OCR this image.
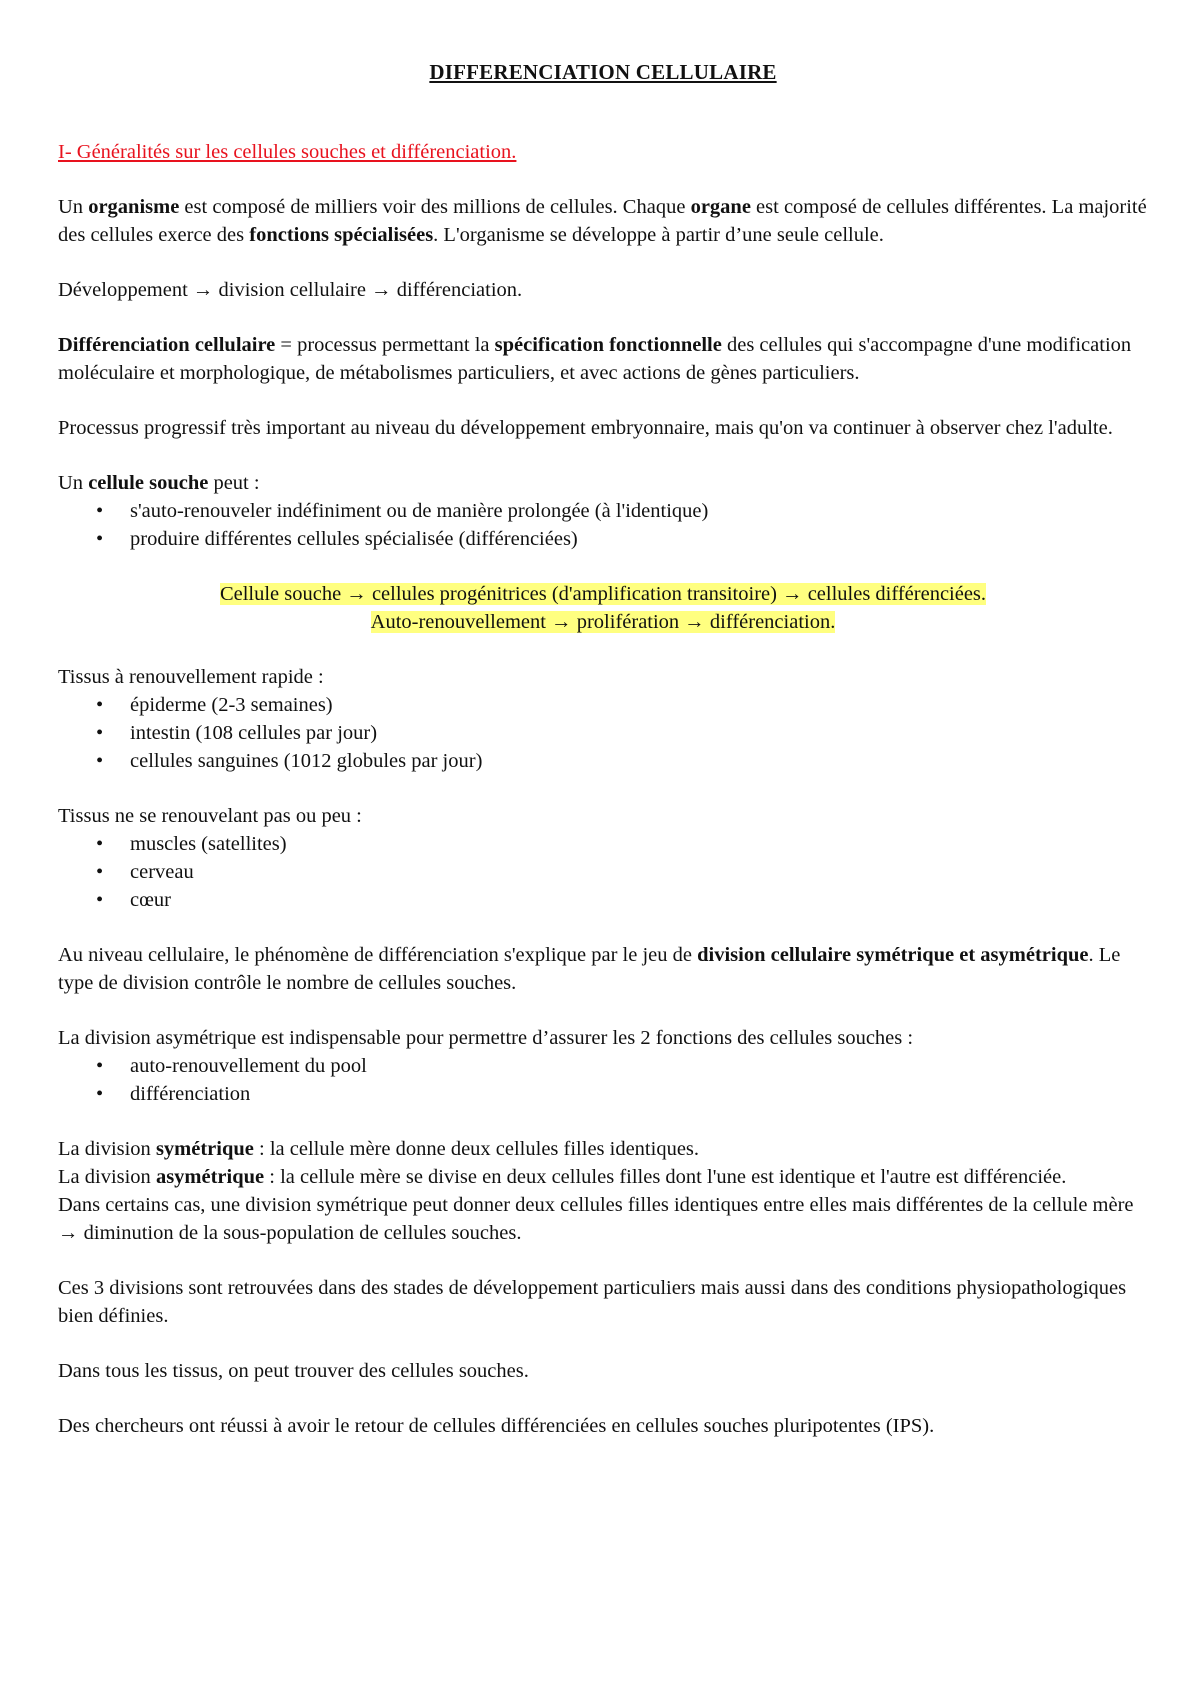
DIFFERENCIATION CELLULAIRE
I- Généralités sur les cellules souches et différenciation.

Un organisme est composé de milliers voir des millions de cellules. Chaque organe est composé de cellules différentes. La majorité des cellules exerce des fonctions spécialisées. L'organisme se développe à partir d’une seule cellule.

Développement → division cellulaire → différenciation.

Différenciation cellulaire = processus permettant la spécification fonctionnelle des cellules qui s'accompagne d'une modification moléculaire et morphologique, de métabolismes particuliers, et avec actions de gènes particuliers.

Processus progressif très important au niveau du développement embryonnaire, mais qu'on va continuer à observer chez l'adulte.

Un cellule souche peut :

• s'auto-renouveler indéfiniment ou de manière prolongée (à l'identique)
• produire différentes cellules spécialisée (différenciées)
Cellule souche → cellules progénitrices (d'amplification transitoire) → cellules différenciées.
Auto-renouvellement → prolifération → différenciation.

Tissus à renouvellement rapide :

• épiderme (2-3 semaines)
• intestin (108 cellules par jour)
• cellules sanguines (1012 globules par jour)

Tissus ne se renouvelant pas ou peu :

• muscles (satellites)
• cerveau
• cœur

Au niveau cellulaire, le phénomène de différenciation s'explique par le jeu de division cellulaire symétrique et asymétrique. Le type de division contrôle le nombre de cellules souches.

La division asymétrique est indispensable pour permettre d’assurer les 2 fonctions des cellules souches :

• auto-renouvellement du pool
• différenciation

La division symétrique : la cellule mère donne deux cellules filles identiques.
La division asymétrique : la cellule mère se divise en deux cellules filles dont l'une est identique et l'autre est différenciée.
Dans certains cas, une division symétrique peut donner deux cellules filles identiques entre elles mais différentes de la cellule mère → diminution de la sous-population de cellules souches.

Ces 3 divisions sont retrouvées dans des stades de développement particuliers mais aussi dans des conditions physiopathologiques bien définies.

Dans tous les tissus, on peut trouver des cellules souches.

Des chercheurs ont réussi à avoir le retour de cellules différenciées en cellules souches pluripotentes (IPS).
